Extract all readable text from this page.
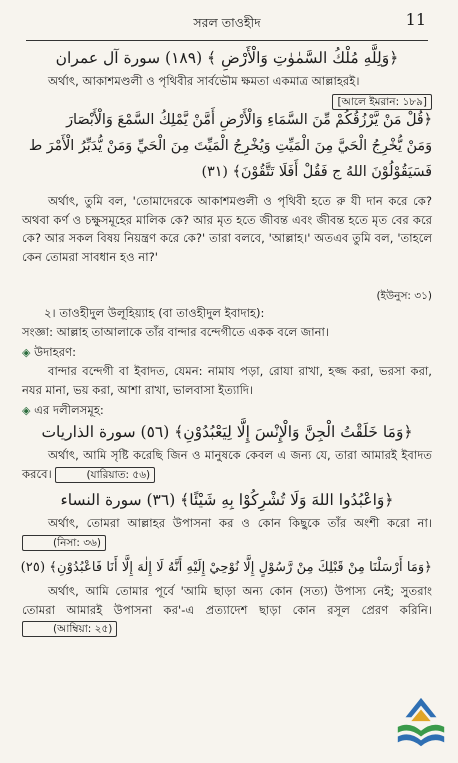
সরল তাওহীদ	11
﴿وَلِلَّهِ مُلْكُ السَّمٰوٰتِ وَالْأَرْضِ ﴾ (١٨٩) سورة آل عمران
অর্থাৎ, আকাশমণ্ডলী ও পৃথিবীর সার্বভৌম ক্ষমতা একমাত্র আল্লাহরই।
[আলে ইমরান: ১৮৯]
﴿قُلْ مَنْ يَّرْزُقُكُمْ مِّنَ السَّمَاءِ وَالْأَرْضِ أَمَّنْ يَّمْلِكُ السَّمْعَ وَالْأَبْصَارَ
وَمَنْ يُّخْرِجُ الْحَيَّ مِنَ الْمَيِّتِ وَيُخْرِجُ الْمَيِّتَ مِنَ الْحَيِّ وَمَنْ يُّدَبِّرُ الْأَمْرَ ط
فَسَيَقُوْلُوْنَ اللهُ ج فَقُلْ أَفَلَا تَتَّقُوْنَ﴾ (٣١)
অর্থাৎ, তুমি বল, 'তোমাদেরকে আকাশমণ্ডলী ও পৃথিবী হতে রু যী দান করে কে? অথবা কর্ণ ও চক্ষুসমূহের মালিক কে? আর মৃত হতে জীবন্ত এবং জীবন্ত হতে মৃত বের করে কে? আর সকল বিষয় নিয়ন্ত্রণ করে কে?' তারা বলবে, 'আল্লাহ।' অতএব তুমি বল, 'তাহলে কেন তোমরা সাবধান হও না?'
(ইউনুস: ৩১)
২। তাওহীদুল উলূহিয়্যাহ (বা তাওহীদুল ইবাদাহ):
সংজ্ঞা: আল্লাহ তাআলাকে তাঁর বান্দার বন্দেগীতে একক বলে জানা।
◈ উদাহরণ:
বান্দার বন্দেগী বা ইবাদত, যেমন: নামায পড়া, রোযা রাখা, হজ্জ করা, ভরসা করা, নযর মানা, ভয় করা, আশা রাখা, ভালবাসা ইত্যাদি।
◈ এর দলীলসমূহ:
﴿وَمَا خَلَقْتُ الْجِنَّ وَالْإِنْسَ إِلَّا لِيَعْبُدُوْنِ﴾ (٥٦) سورة الذاريات
অর্থাৎ, আমি সৃষ্টি করেছি জিন ও মানুষকে কেবল এ জন্য যে, তারা আমারই ইবাদত করবে।	(যারিয়াত: ৫৬)
﴿وَاعْبُدُوا اللهَ وَلَا تُشْرِكُوْا بِهِ شَيْئًا﴾ (٣٦) سورة النساء
অর্থাৎ, তোমরা আল্লাহর উপাসনা কর ও কোন কিছুকে তাঁর অংশী করো না। (নিসা: ৩৬)
﴿وَمَا أَرْسَلْنَا مِنْ قَبْلِكَ مِنْ رَّسُوْلٍ إِلَّا نُوْحِيْ إِلَيْهِ أَنَّهُ لَا إِلٰهَ إِلَّا أَنَا فَاعْبُدُوْنِ﴾ (٢٥)
অর্থাৎ, আমি তোমার পূর্বে 'আমি ছাড়া অন্য কোন (সত্য) উপাস্য নেই; সুতরাং তোমরা আমারই উপাসনা কর'-এ প্রত্যাদেশ ছাড়া কোন রসূল প্রেরণ করিনি। (আম্বিয়া: ২৫)
